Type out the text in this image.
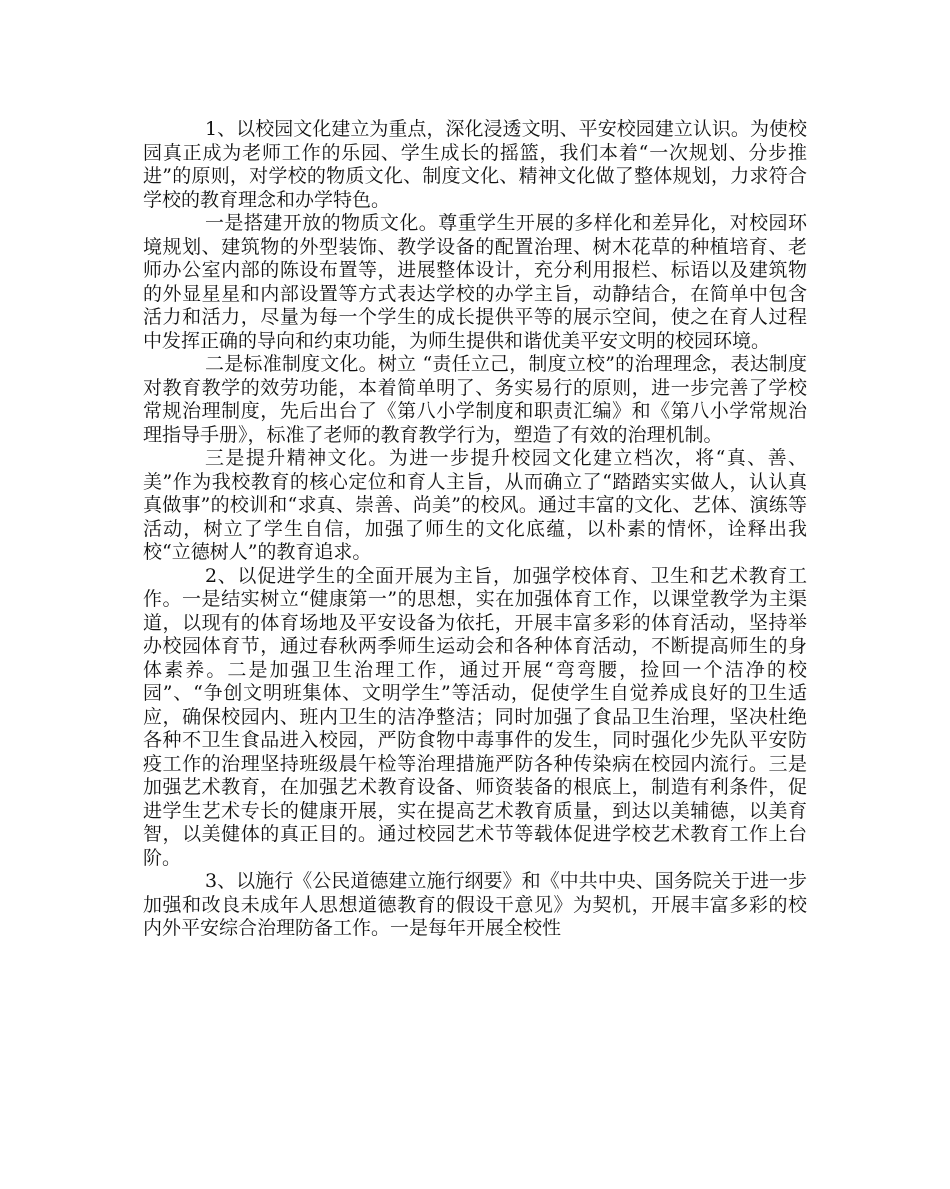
1、以校园文化建立为重点，深化浸透文明、平安校园建立认识。为使校园真正成为老师工作的乐园、学生成长的摇篮，我们本着“一次规划、分步推进”的原则，对学校的物质文化、制度文化、精神文化做了整体规划，力求符合学校的教育理念和办学特色。

一是搭建开放的物质文化。尊重学生开展的多样化和差异化，对校园环境规划、建筑物的外型装饰、教学设备的配置治理、树木花草的种植培育、老师办公室内部的陈设布置等，进展整体设计，充分利用报栏、标语以及建筑物的外显星星和内部设置等方式表达学校的办学主旨，动静结合，在简单中包含活力和活力，尽量为每一个学生的成长提供平等的展示空间，使之在育人过程中发挥正确的导向和约束功能，为师生提供和谐优美平安文明的校园环境。

二是标准制度文化。树立 “责任立己，制度立校”的治理理念，表达制度对教育教学的效劳功能，本着简单明了、务实易行的原则，进一步完善了学校常规治理制度，先后出台了《第八小学制度和职责汇编》和《第八小学常规治理指导手册》，标准了老师的教育教学行为，塑造了有效的治理机制。

三是提升精神文化。为进一步提升校园文化建立档次，将“真、善、美”作为我校教育的核心定位和育人主旨，从而确立了“踏踏实实做人，认认真真做事”的校训和“求真、崇善、尚美”的校风。通过丰富的文化、艺体、演练等活动，树立了学生自信，加强了师生的文化底蕴，以朴素的情怀，诠释出我校“立德树人”的教育追求。

2、以促进学生的全面开展为主旨，加强学校体育、卫生和艺术教育工作。一是结实树立“健康第一”的思想，实在加强体育工作，以课堂教学为主渠道，以现有的体育场地及平安设备为依托，开展丰富多彩的体育活动，坚持举办校园体育节，通过春秋两季师生运动会和各种体育活动，不断提高师生的身体素养。二是加强卫生治理工作，通过开展“弯弯腰，捡回一个洁净的校园”、“争创文明班集体、文明学生”等活动，促使学生自觉养成良好的卫生适应，确保校园内、班内卫生的洁净整洁；同时加强了食品卫生治理，坚决杜绝各种不卫生食品进入校园，严防食物中毒事件的发生，同时强化少先队平安防疫工作的治理坚持班级晨午检等治理措施严防各种传染病在校园内流行。三是加强艺术教育，在加强艺术教育设备、师资装备的根底上，制造有利条件，促进学生艺术专长的健康开展，实在提高艺术教育质量，到达以美辅德，以美育智，以美健体的真正目的。通过校园艺术节等载体促进学校艺术教育工作上台阶。

3、以施行《公民道德建立施行纲要》和《中共中央、国务院关于进一步加强和改良未成年人思想道德教育的假设干意见》为契机，开展丰富多彩的校内外平安综合治理防备工作。一是每年开展全校性
